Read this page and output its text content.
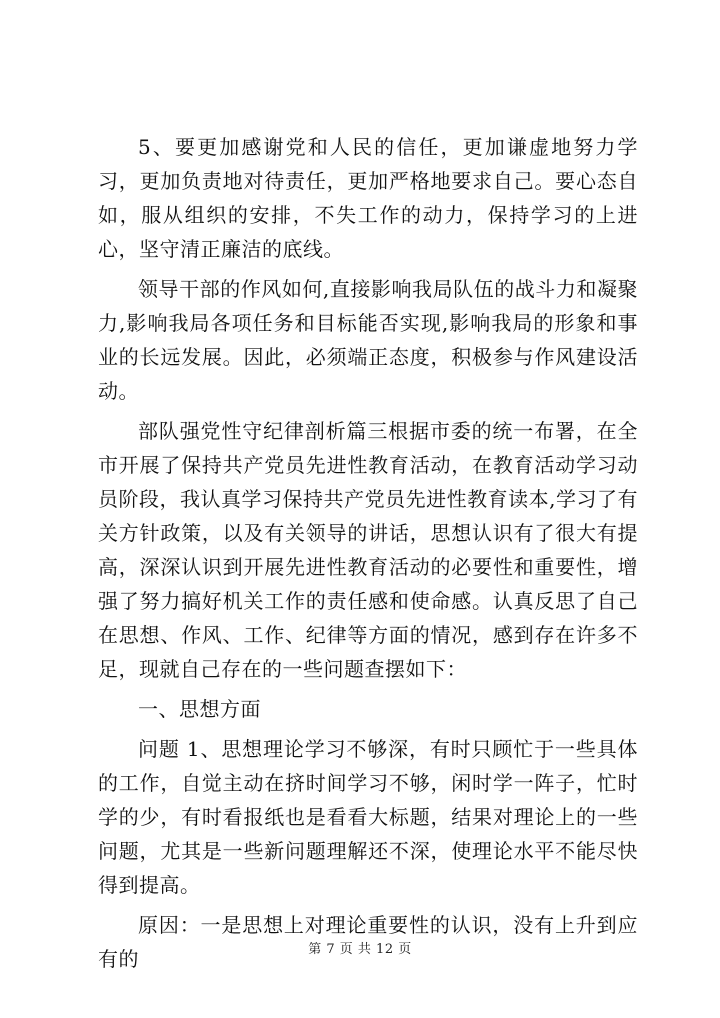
5、要更加感谢党和人民的信任，更加谦虚地努力学习，更加负责地对待责任，更加严格地要求自己。要心态自如，服从组织的安排，不失工作的动力，保持学习的上进心，坚守清正廉洁的底线。

领导干部的作风如何,直接影响我局队伍的战斗力和凝聚力,影响我局各项任务和目标能否实现,影响我局的形象和事业的长远发展。因此，必须端正态度，积极参与作风建设活动。

部队强党性守纪律剖析篇三根据市委的统一布署，在全市开展了保持共产党员先进性教育活动，在教育活动学习动员阶段，我认真学习保持共产党员先进性教育读本,学习了有关方针政策，以及有关领导的讲话，思想认识有了很大有提高，深深认识到开展先进性教育活动的必要性和重要性，增强了努力搞好机关工作的责任感和使命感。认真反思了自己在思想、作风、工作、纪律等方面的情况，感到存在许多不足，现就自己存在的一些问题查摆如下：

一、思想方面

问题 1、思想理论学习不够深，有时只顾忙于一些具体的工作，自觉主动在挤时间学习不够，闲时学一阵子，忙时学的少，有时看报纸也是看看大标题，结果对理论上的一些问题，尤其是一些新问题理解还不深，使理论水平不能尽快得到提高。

原因：一是思想上对理论重要性的认识，没有上升到应有的	第 7 页 共 12 页
